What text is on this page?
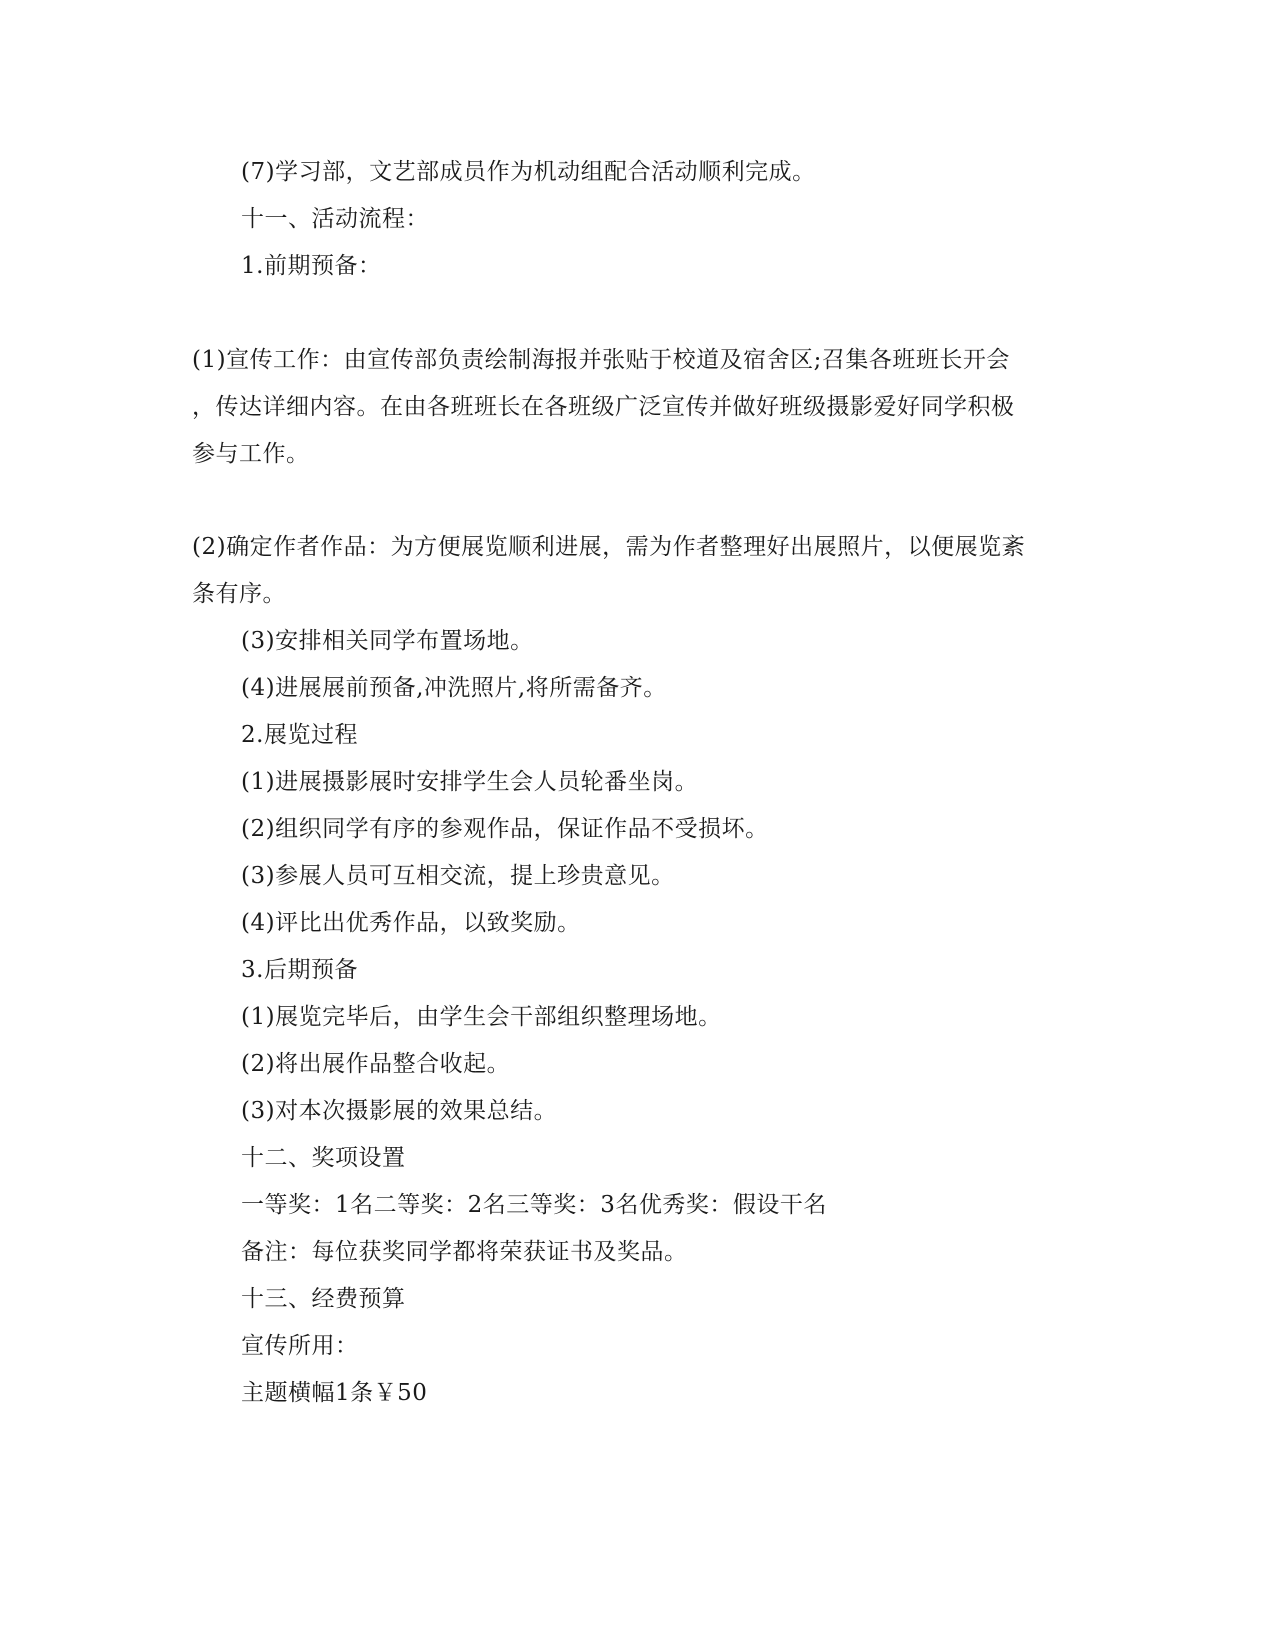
(7)学习部，文艺部成员作为机动组配合活动顺利完成。
十一、活动流程：
1.前期预备：
(1)宣传工作：由宣传部负责绘制海报并张贴于校道及宿舍区;召集各班班长开会
，传达详细内容。在由各班班长在各班级广泛宣传并做好班级摄影爱好同学积极
参与工作。
(2)确定作者作品：为方便展览顺利进展，需为作者整理好出展照片，以便展览紊
条有序。
(3)安排相关同学布置场地。
(4)进展展前预备,冲洗照片,将所需备齐。
2.展览过程
(1)进展摄影展时安排学生会人员轮番坐岗。
(2)组织同学有序的参观作品，保证作品不受损坏。
(3)参展人员可互相交流，提上珍贵意见。
(4)评比出优秀作品，以致奖励。
3.后期预备
(1)展览完毕后，由学生会干部组织整理场地。
(2)将出展作品整合收起。
(3)对本次摄影展的效果总结。
十二、奖项设置
一等奖：1名二等奖：2名三等奖：3名优秀奖：假设干名
备注：每位获奖同学都将荣获证书及奖品。
十三、经费预算
宣传所用：
主题横幅1条￥50
